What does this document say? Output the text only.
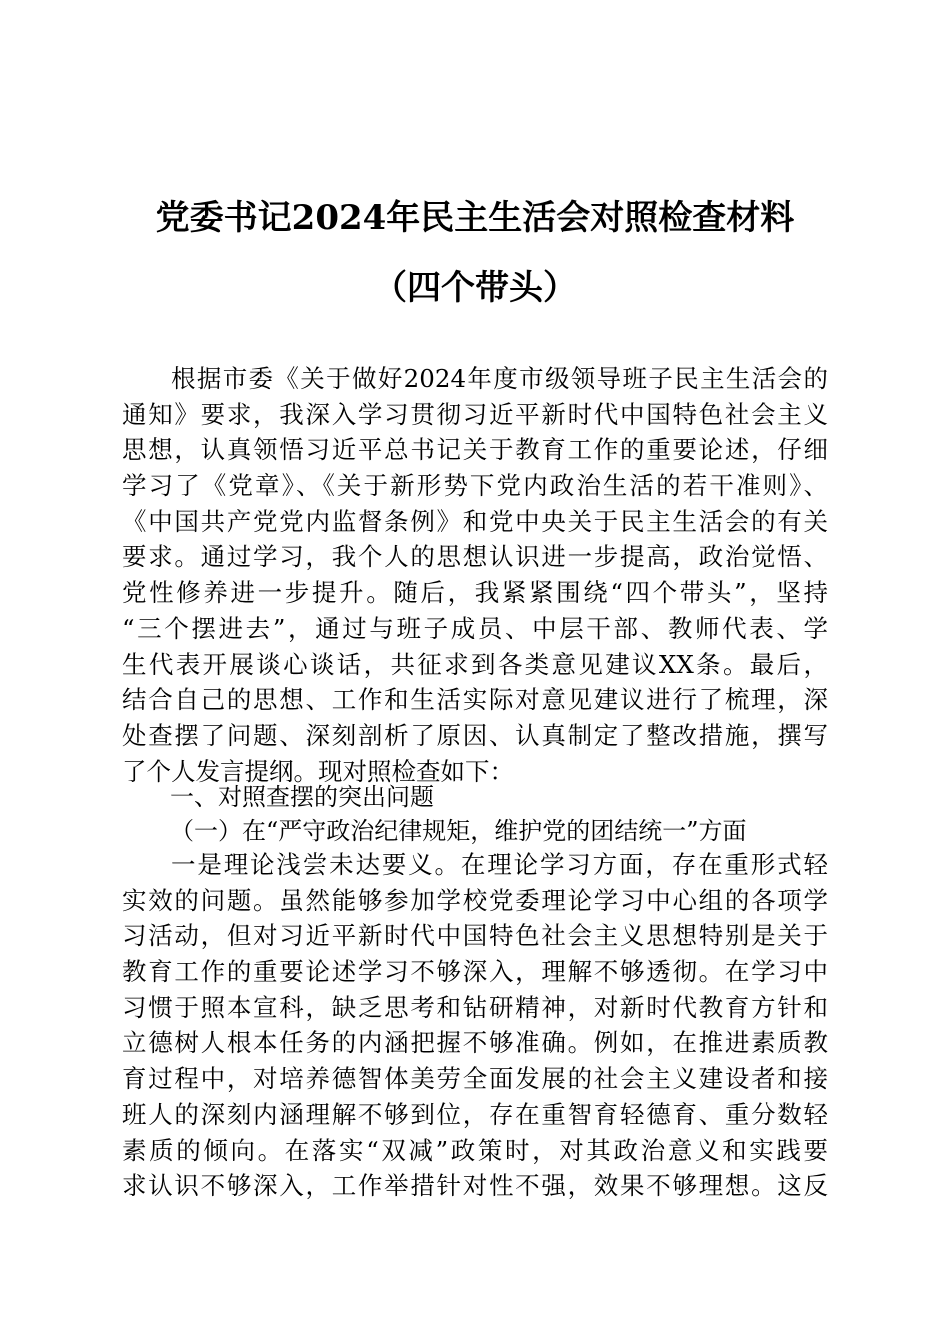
党委书记2024年民主生活会对照检查材料
（四个带头）
根据市委《关于做好2024年度市级领导班子民主生活会的
通知》要求，我深入学习贯彻习近平新时代中国特色社会主义
思想，认真领悟习近平总书记关于教育工作的重要论述，仔细
学习了《党章》、《关于新形势下党内政治生活的若干准则》、
《中国共产党党内监督条例》和党中央关于民主生活会的有关
要求。通过学习，我个人的思想认识进一步提高，政治觉悟、
党性修养进一步提升。随后，我紧紧围绕“四个带头”，坚持
“三个摆进去”，通过与班子成员、中层干部、教师代表、学
生代表开展谈心谈话，共征求到各类意见建议XX条。最后，
结合自己的思想、工作和生活实际对意见建议进行了梳理，深
处查摆了问题、深刻剖析了原因、认真制定了整改措施，撰写
了个人发言提纲。现对照检查如下：
一、对照查摆的突出问题
（一）在“严守政治纪律规矩，维护党的团结统一”方面
一是理论浅尝未达要义。在理论学习方面，存在重形式轻
实效的问题。虽然能够参加学校党委理论学习中心组的各项学
习活动，但对习近平新时代中国特色社会主义思想特别是关于
教育工作的重要论述学习不够深入，理解不够透彻。在学习中
习惯于照本宣科，缺乏思考和钻研精神，对新时代教育方针和
立德树人根本任务的内涵把握不够准确。例如，在推进素质教
育过程中，对培养德智体美劳全面发展的社会主义建设者和接
班人的深刻内涵理解不够到位，存在重智育轻德育、重分数轻
素质的倾向。在落实“双减”政策时，对其政治意义和实践要
求认识不够深入，工作举措针对性不强，效果不够理想。这反
